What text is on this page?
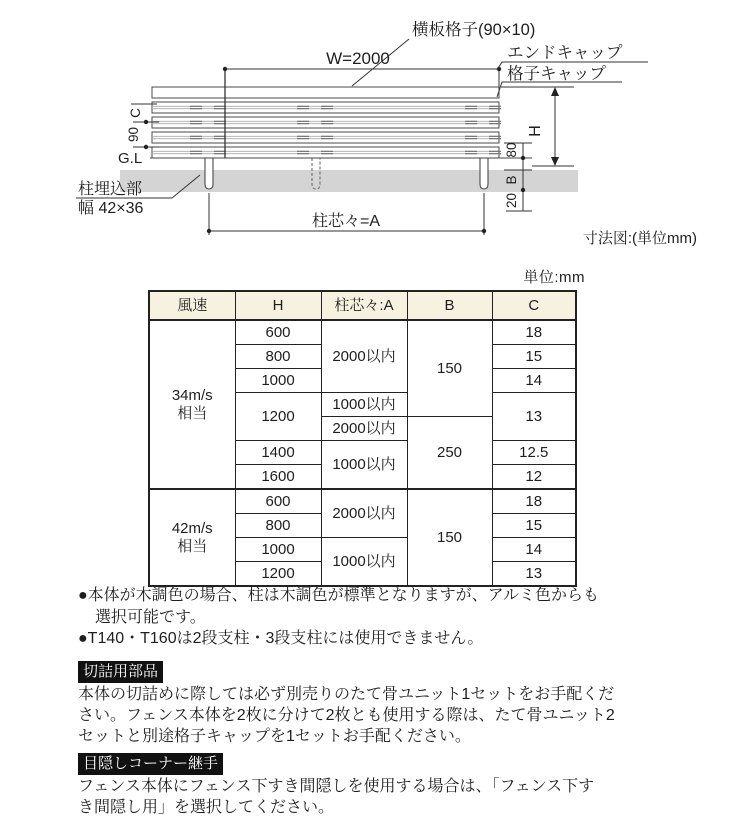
G.L
W=2000
H
80
B
20
C
90
柱芯々=A
横板格子(90×10)
エンドキャップ
格子キャップ
柱埋込部
幅 42×36
寸法図:(単位mm)
単位:mm
風速	H	柱芯々:A	B	C

34m/s
相当	600	2000以内	150	18
	800			15
	1000			14
	1200	1000以内		13
		2000以内	250	
	1400	1000以内		12.5
	1600			12

42m/s
相当	600	2000以内	150	18
	800			15
	1000	1000以内		14
	1200			13
●本体が木調色の場合、柱は木調色が標準となりますが、アルミ色からも
選択可能です。
●T140・T160は2段支柱・3段支柱には使用できません。
切詰用部品
本体の切詰めに際しては必ず別売りのたて骨ユニット1セットをお手配くだ
さい。フェンス本体を2枚に分けて2枚とも使用する際は、たて骨ユニット2
セットと別途格子キャップを1セットお手配ください。
目隠しコーナー継手
フェンス本体にフェンス下すき間隠しを使用する場合は、「フェンス下す
き間隠し用」を選択してください。
